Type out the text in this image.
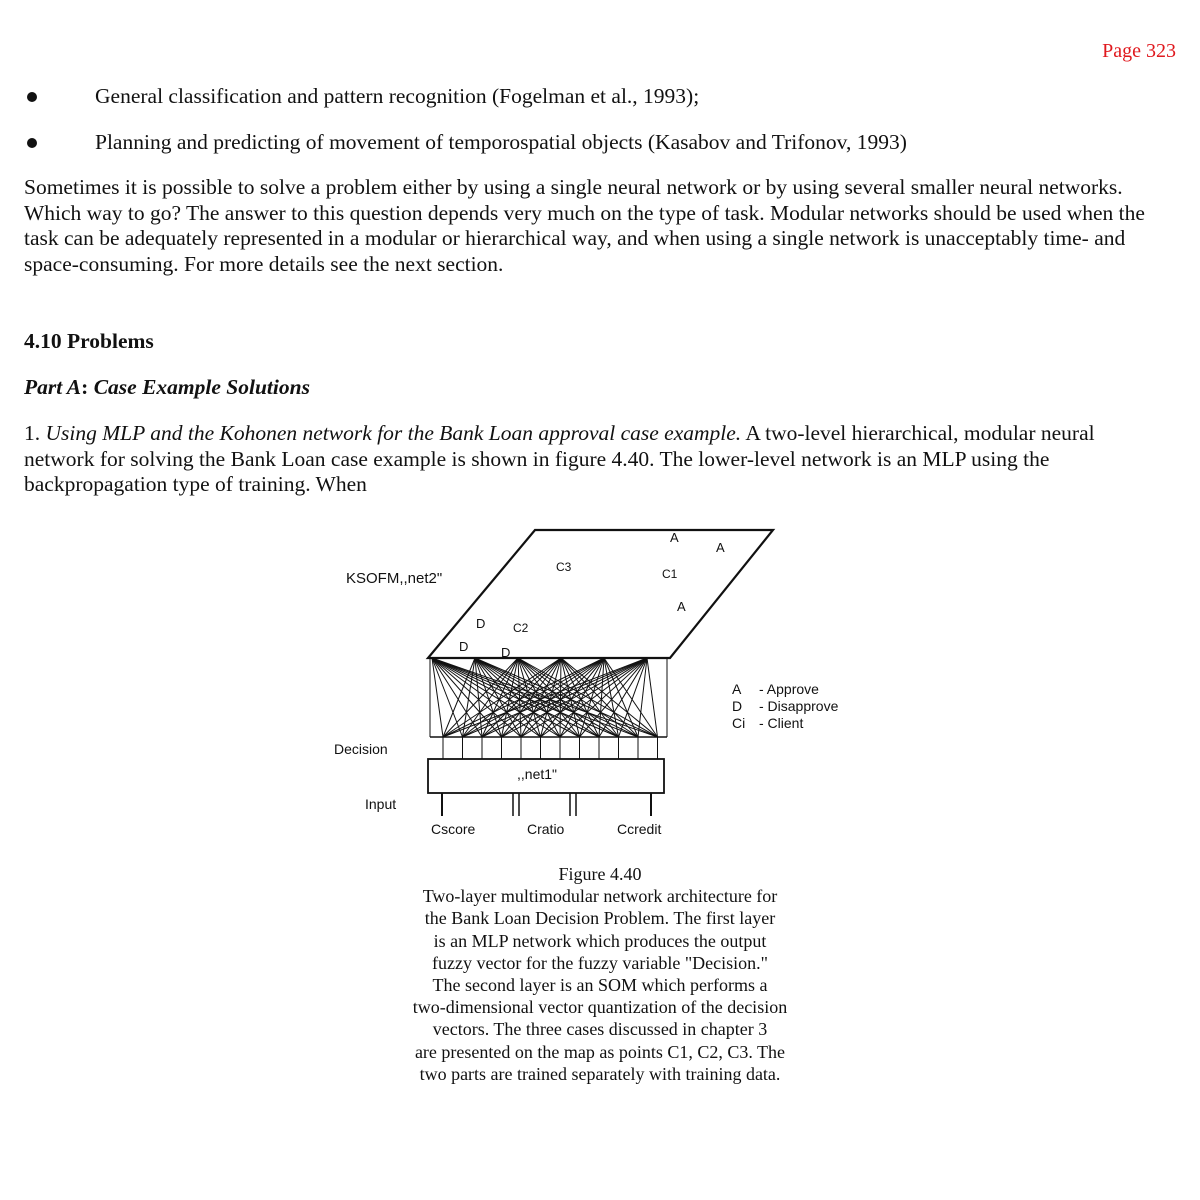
Page 323
General classification and pattern recognition (Fogelman et al., 1993);
Planning and predicting of movement of temporospatial objects (Kasabov and Trifonov, 1993)

Sometimes it is possible to solve a problem either by using a single neural network or by using several smaller neural networks. Which way to go? The answer to this question depends very much on the type of task. Modular networks should be used when the task can be adequately represented in a modular or hierarchical way, and when using a single network is unacceptably time- and space-consuming. For more details see the next section.

4.10 Problems
Part A: Case Example Solutions

1. Using MLP and the Kohonen network for the Bank Loan approval case example. A two-level hierarchical, modular neural network for solving the Bank Loan case example is shown in figure 4.40. The lower-level network is an MLP using the backpropagation type of training. When

KSOFM,,net2"
A
A
A
C3	C1
D C2
D	D
Decision
,,net1"
Input
Cscore	Cratio	Ccredit
A - Approve
D - Disapprove
Ci - Client
Figure 4.40
Two-layer multimodular network architecture for
the Bank Loan Decision Problem. The first layer
is an MLP network which produces the output
fuzzy vector for the fuzzy variable "Decision."
The second layer is an SOM which performs a
two-dimensional vector quantization of the decision
vectors. The three cases discussed in chapter 3
are presented on the map as points C1, C2, C3. The
two parts are trained separately with training data.
